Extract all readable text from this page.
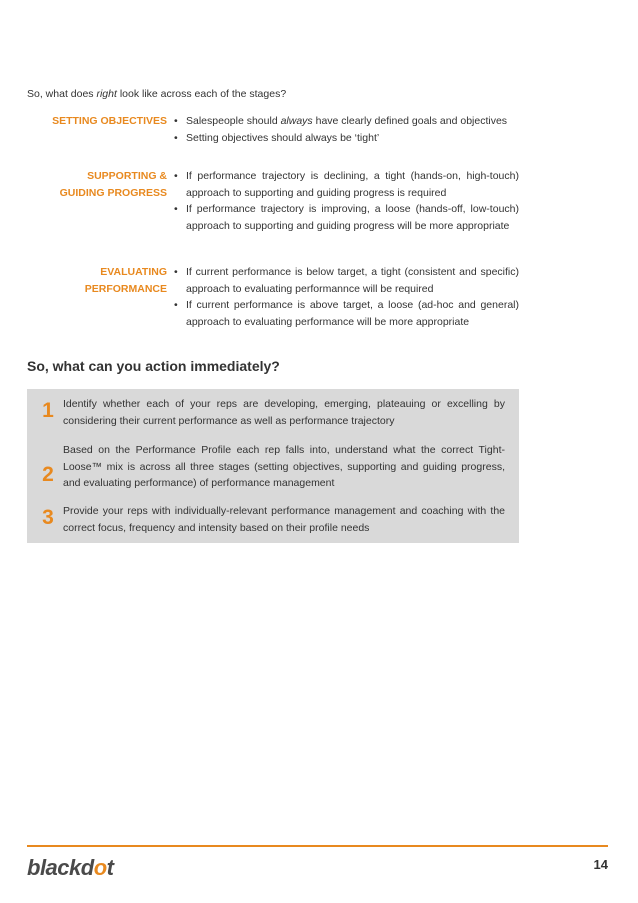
So, what does right look like across each of the stages?
SETTING OBJECTIVES
•	Salespeople should always have clearly defined goals and objectives
• Setting objectives should always be ‘tight’
SUPPORTING &
GUIDING PROGRESS
• If performance trajectory is declining, a tight (hands-on, high-touch) approach to supporting and guiding progress is required
• If performance trajectory is improving, a loose (hands-off, low-touch) approach to supporting and guiding progress will be more appropriate
EVALUATING
PERFORMANCE
• If current performance is below target, a tight (consistent and specific) approach to evaluating performannce will be required
• If current performance is above target, a loose (ad-hoc and general) approach to evaluating performance will be more appropriate
So, what can you action immediately?
1 Identify whether each of your reps are developing, emerging, plateauing or excelling by considering their current performance as well as performance trajectory
2
Based on the Performance Profile each rep falls into, understand what the correct Tight-Loose™ mix is across all three stages (setting objectives, supporting and guiding progress, and evaluating performance) of performance management
3 Provide your reps with individually-relevant performance management and coaching with the correct focus, frequency and intensity based on their profile needs
blackdot	14
